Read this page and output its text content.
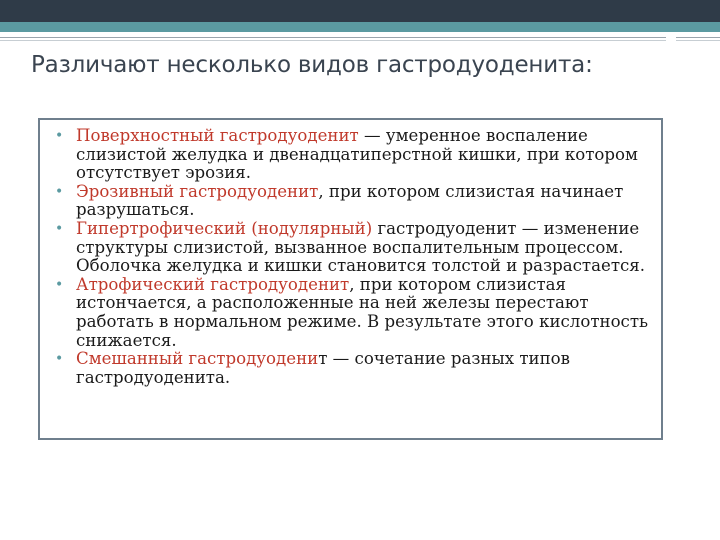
Различают несколько видов гастродуоденита:
• Поверхностный гастродуоденит — умеренное воспаление слизистой желудка и двенадцатиперстной кишки, при котором отсутствует эрозия.
• Эрозивный гастродуоденит, при котором слизистая начинает разрушаться.
• Гипертрофический (нодулярный) гастродуоденит — изменение структуры слизистой, вызванное воспалительным процессом. Оболочка желудка и кишки становится толстой и разрастается.
• Атрофический гастродуоденит, при котором слизистая истончается, а расположенные на ней железы перестают работать в нормальном режиме. В результате этого кислотность снижается.
• Смешанный гастродуоденит — сочетание разных типов гастродуоденита.
